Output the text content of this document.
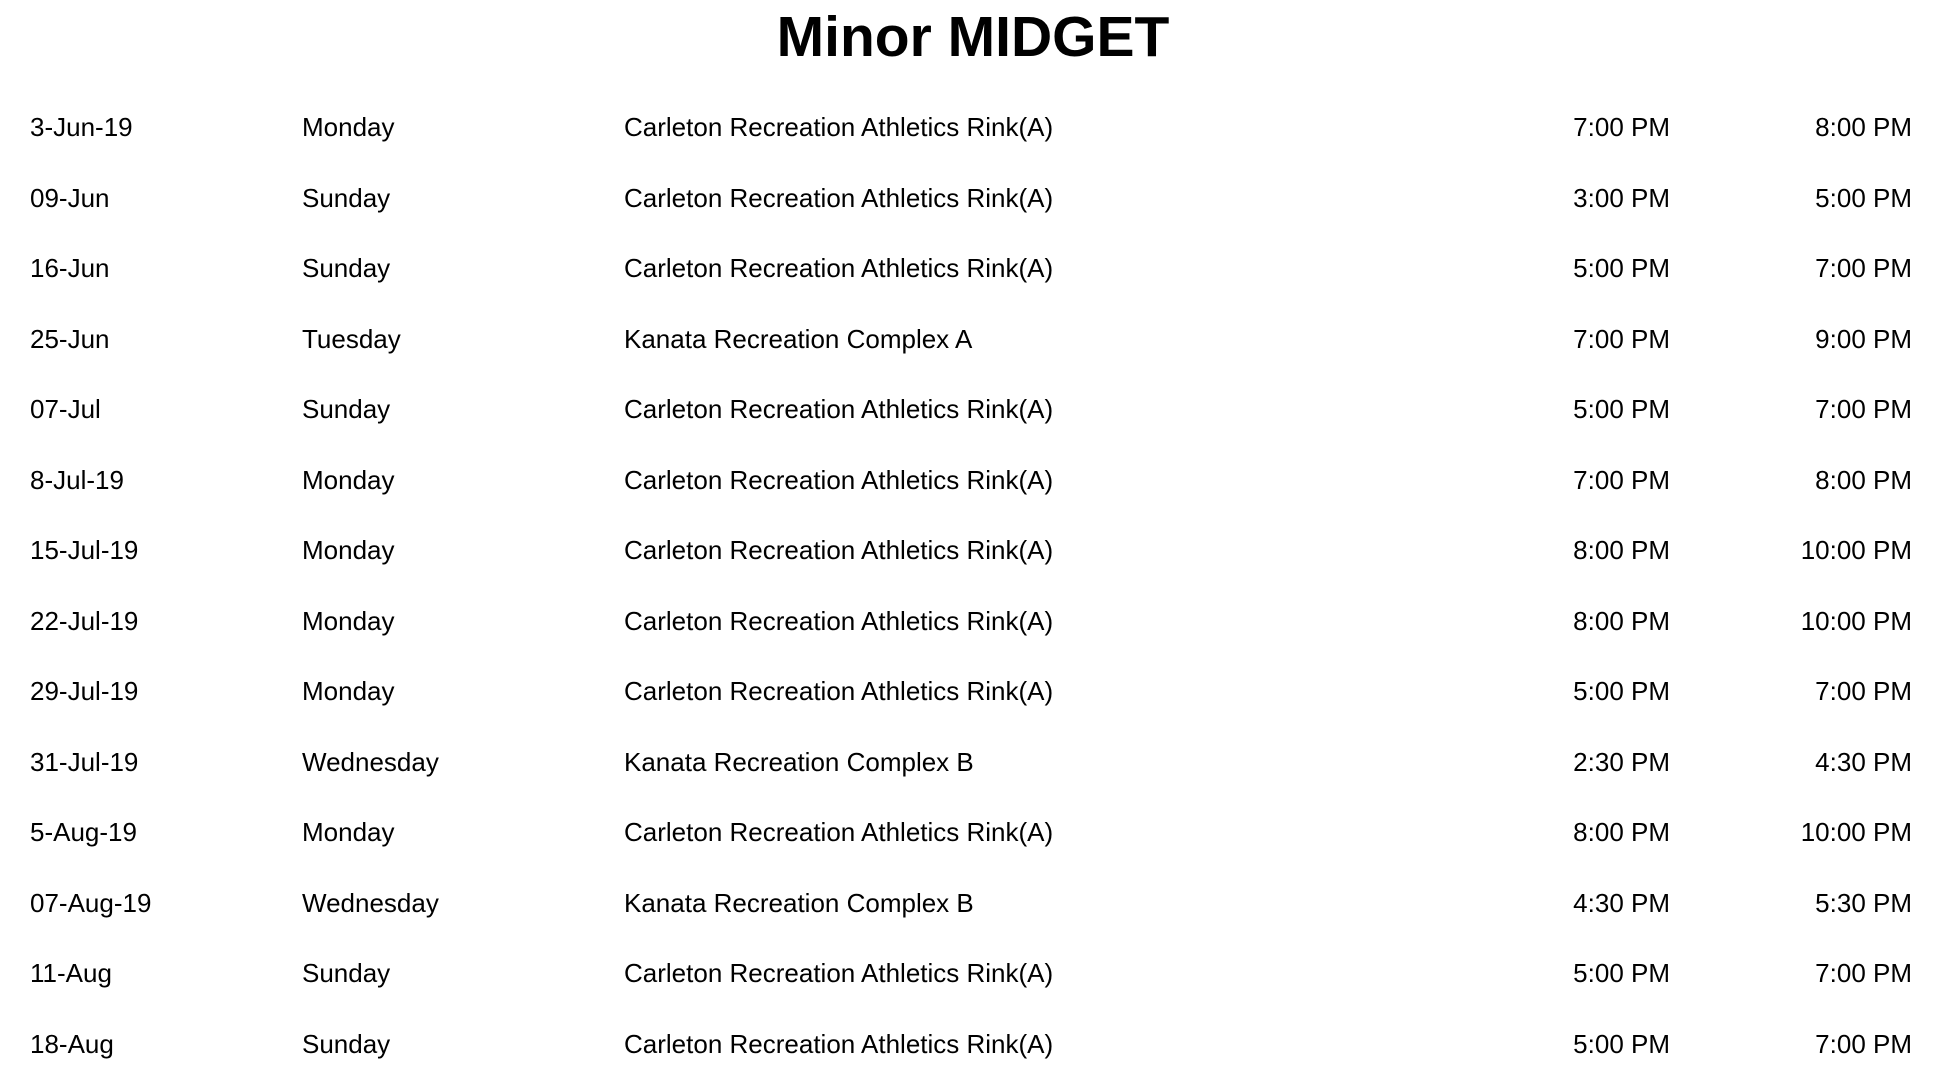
Minor MIDGET
3-Jun-19	Monday	Carleton Recreation Athletics Rink(A)	7:00 PM	8:00 PM
09-Jun	Sunday	Carleton Recreation Athletics Rink(A)	3:00 PM	5:00 PM
16-Jun	Sunday	Carleton Recreation Athletics Rink(A)	5:00 PM	7:00 PM
25-Jun	Tuesday	Kanata Recreation Complex A	7:00 PM	9:00 PM
07-Jul	Sunday	Carleton Recreation Athletics Rink(A)	5:00 PM	7:00 PM
8-Jul-19	Monday	Carleton Recreation Athletics Rink(A)	7:00 PM	8:00 PM
15-Jul-19	Monday	Carleton Recreation Athletics Rink(A)	8:00 PM	10:00 PM
22-Jul-19	Monday	Carleton Recreation Athletics Rink(A)	8:00 PM	10:00 PM
29-Jul-19	Monday	Carleton Recreation Athletics Rink(A)	5:00 PM	7:00 PM
31-Jul-19	Wednesday	Kanata Recreation Complex B	2:30 PM	4:30 PM
5-Aug-19	Monday	Carleton Recreation Athletics Rink(A)	8:00 PM	10:00 PM
07-Aug-19	Wednesday	Kanata Recreation Complex B	4:30 PM	5:30 PM
11-Aug	Sunday	Carleton Recreation Athletics Rink(A)	5:00 PM	7:00 PM
18-Aug	Sunday	Carleton Recreation Athletics Rink(A)	5:00 PM	7:00 PM
